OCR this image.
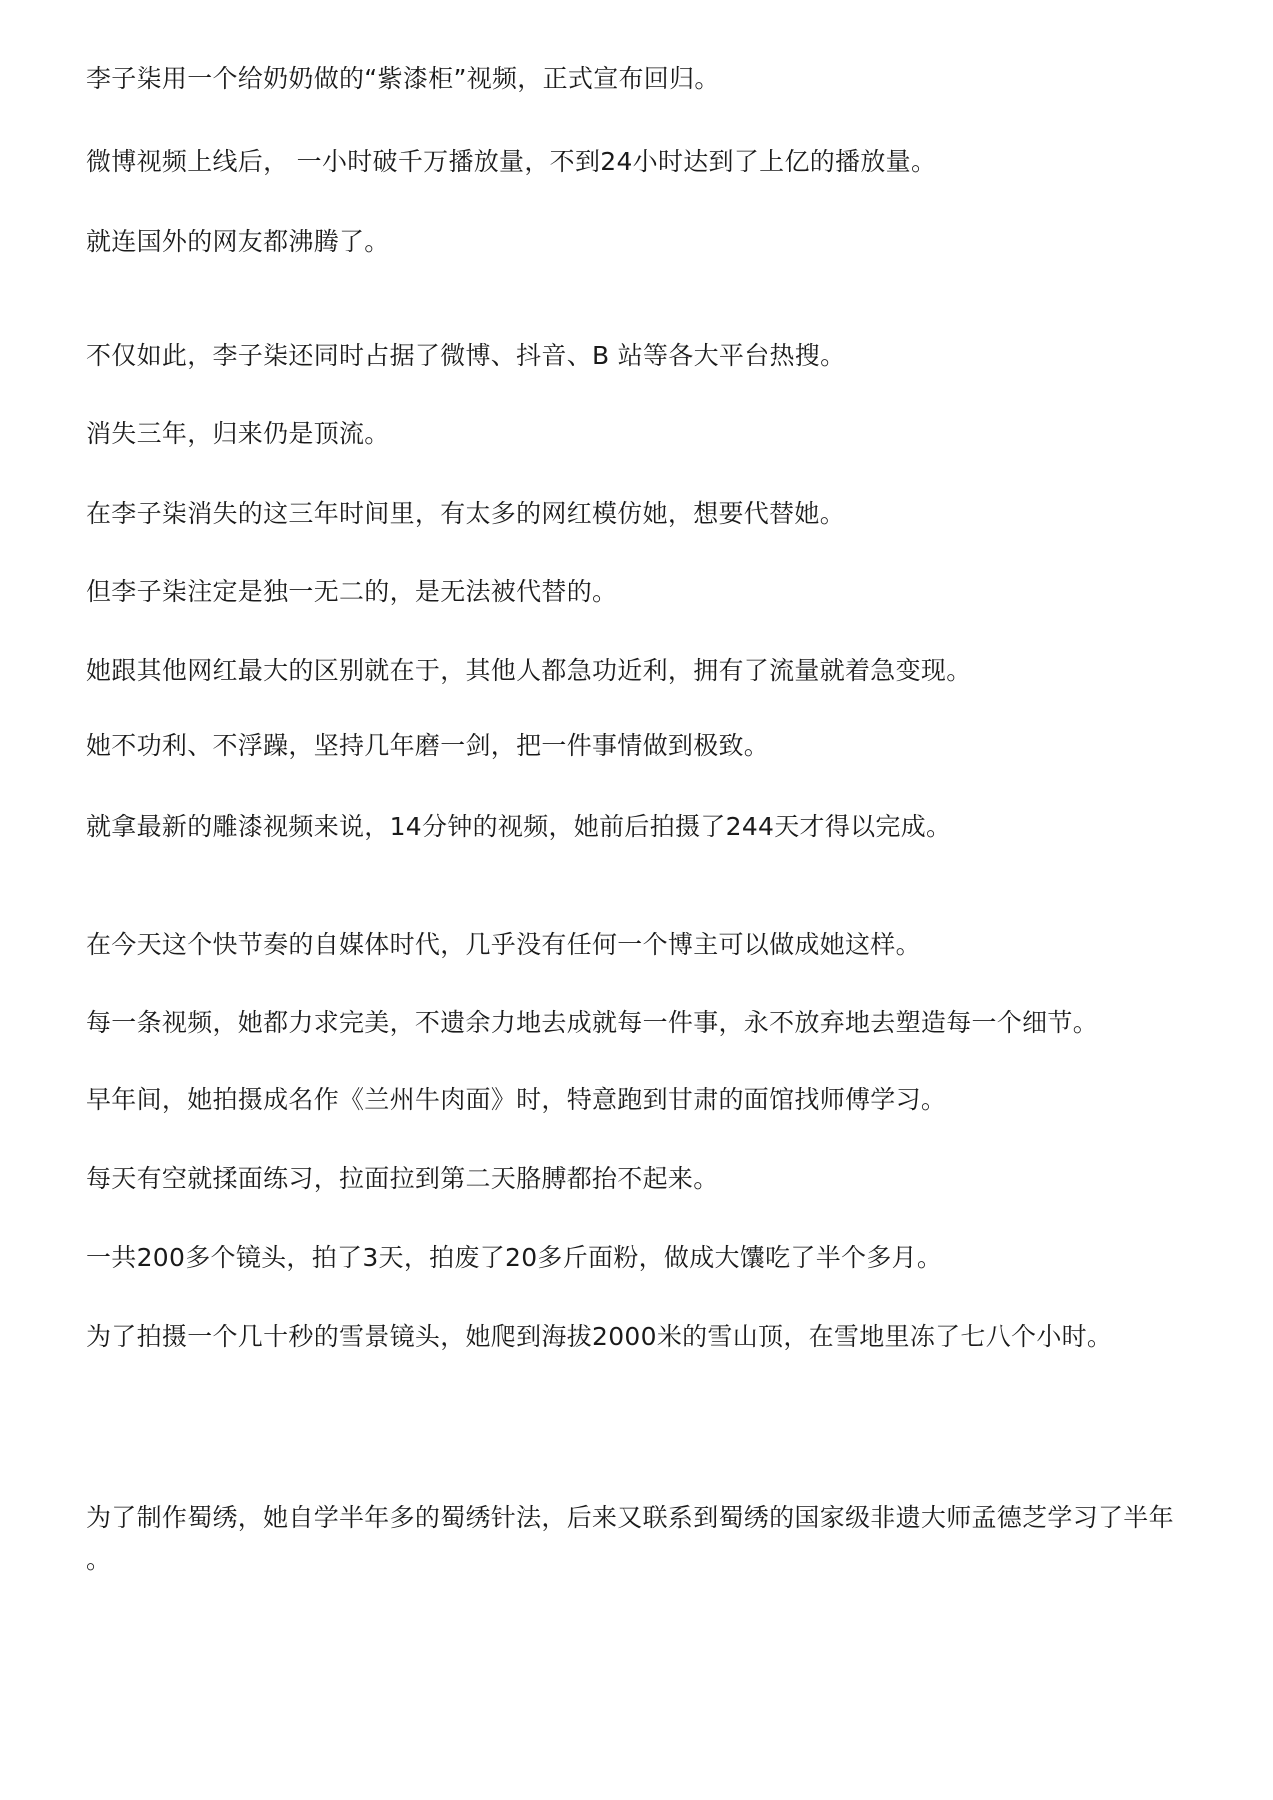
李子柒用一个给奶奶做的“紫漆柜”视频，正式宣布回归。

微博视频上线后， 一小时破千万播放量，不到24小时达到了上亿的播放量。

就连国外的网友都沸腾了。

不仅如此，李子柒还同时占据了微博、抖音、B 站等各大平台热搜。

消失三年，归来仍是顶流。

在李子柒消失的这三年时间里，有太多的网红模仿她，想要代替她。

但李子柒注定是独一无二的，是无法被代替的。

她跟其他网红最大的区别就在于，其他人都急功近利，拥有了流量就着急变现。

她不功利、不浮躁，坚持几年磨一剑，把一件事情做到极致。

就拿最新的雕漆视频来说，14分钟的视频，她前后拍摄了244天才得以完成。

在今天这个快节奏的自媒体时代，几乎没有任何一个博主可以做成她这样。

每一条视频，她都力求完美，不遗余力地去成就每一件事，永不放弃地去塑造每一个细节。

早年间，她拍摄成名作《兰州牛肉面》时，特意跑到甘肃的面馆找师傅学习。

每天有空就揉面练习，拉面拉到第二天胳膊都抬不起来。

一共200多个镜头，拍了3天，拍废了20多斤面粉，做成大馕吃了半个多月。

为了拍摄一个几十秒的雪景镜头，她爬到海拔2000米的雪山顶，在雪地里冻了七八个小时。

为了制作蜀绣，她自学半年多的蜀绣针法，后来又联系到蜀绣的国家级非遗大师孟德芝学习了半年 。
